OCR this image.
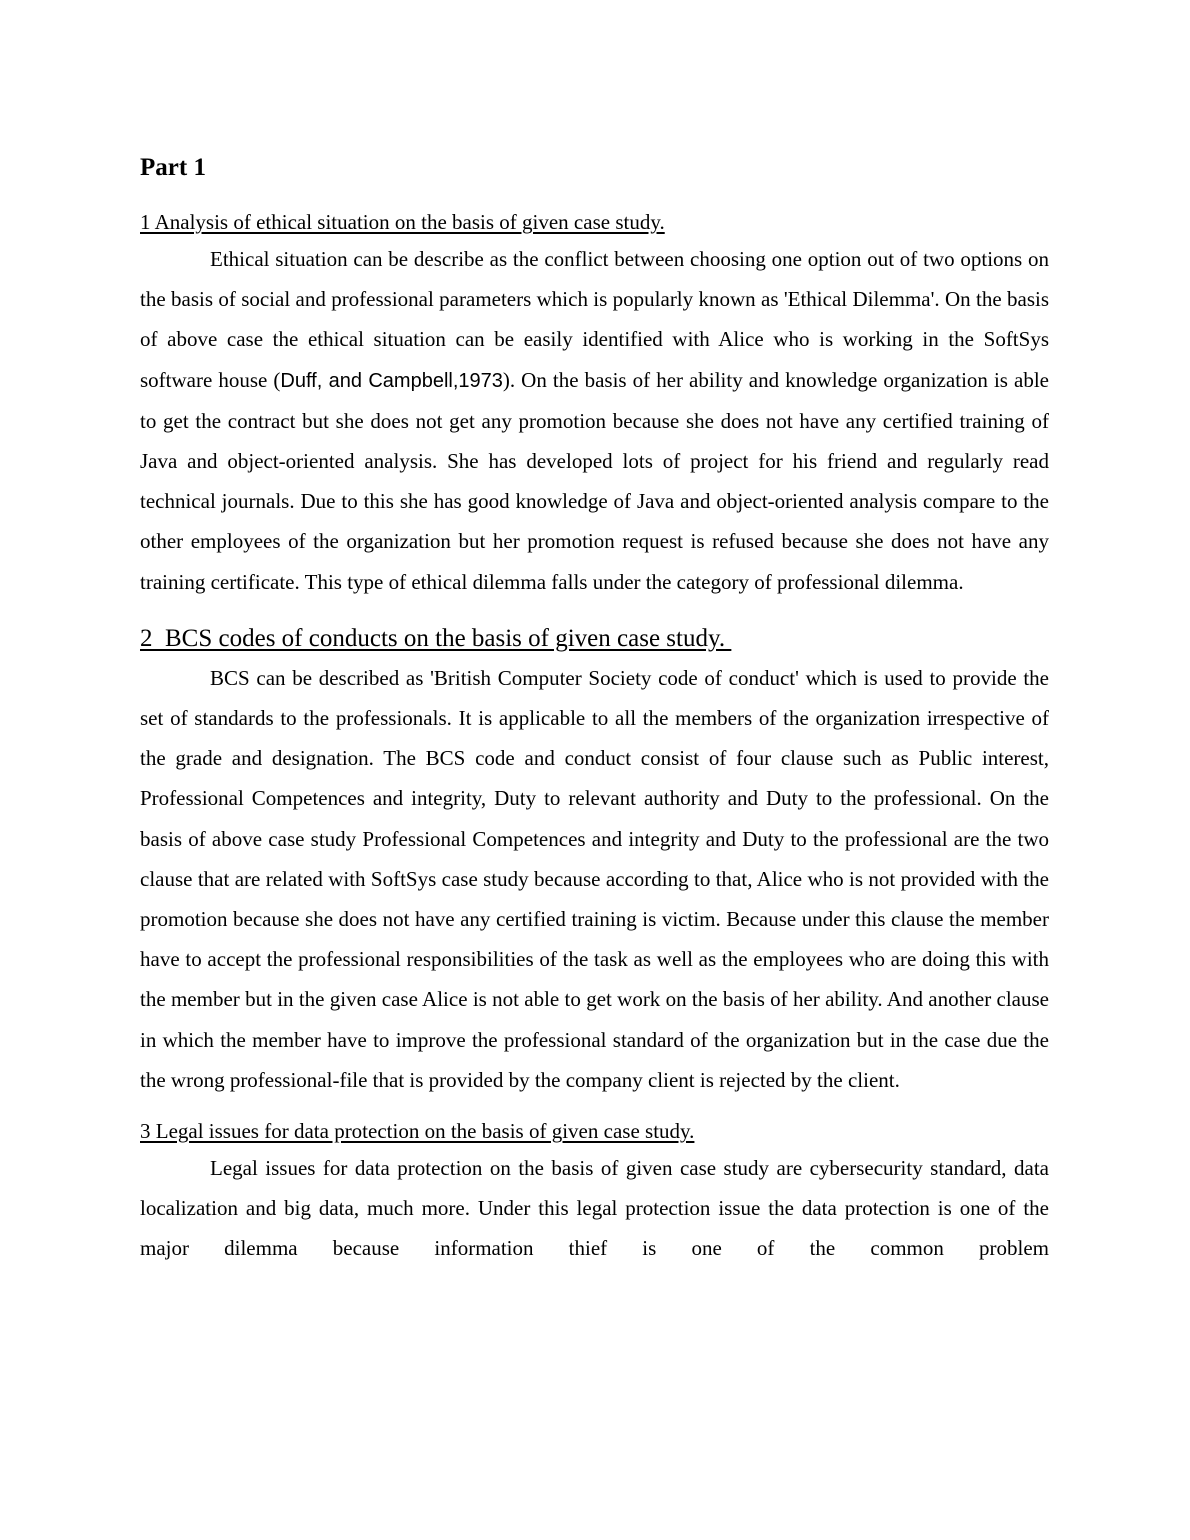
Part 1
1 Analysis of ethical situation on the basis of given case study.

Ethical situation can be describe as the conflict between choosing one option out of two options on the basis of social and professional parameters which is popularly known as 'Ethical Dilemma'. On the basis of above case the ethical situation can be easily identified with Alice who is working in the SoftSys software house (Duff, and Campbell,1973). On the basis of her ability and knowledge organization is able to get the contract but she does not get any promotion because she does not have any certified training of Java and object-oriented analysis. She has developed lots of project for his friend and regularly read technical journals. Due to this she has good knowledge of Java and object-oriented analysis compare to the other employees of the organization but her promotion request is refused because she does not have any training certificate. This type of ethical dilemma falls under the category of professional dilemma.

2  BCS codes of conducts on the basis of given case study.

BCS can be described as 'British Computer Society code of conduct' which is used to provide the set of standards to the professionals. It is applicable to all the members of the organization irrespective of the grade and designation. The BCS code and conduct consist of four clause such as Public interest, Professional Competences and integrity, Duty to relevant authority and Duty to the professional. On the basis of above case study Professional Competences and integrity and Duty to the professional are the two clause that are related with SoftSys case study because according to that, Alice who is not provided with the promotion because she does not have any certified training is victim. Because under this clause the member have to accept the professional responsibilities of the task as well as the employees who are doing this with the member but in the given case Alice is not able to get work on the basis of her ability. And another clause in which the member have to improve the professional standard of the organization but in the case due the the wrong professional-file that is provided by the company client is rejected by the client.

3 Legal issues for data protection on the basis of given case study.

Legal issues for data protection on the basis of given case study are cybersecurity standard, data localization and big data, much more. Under this legal protection issue the data protection is one of the major dilemma because information thief is one of the common problem
